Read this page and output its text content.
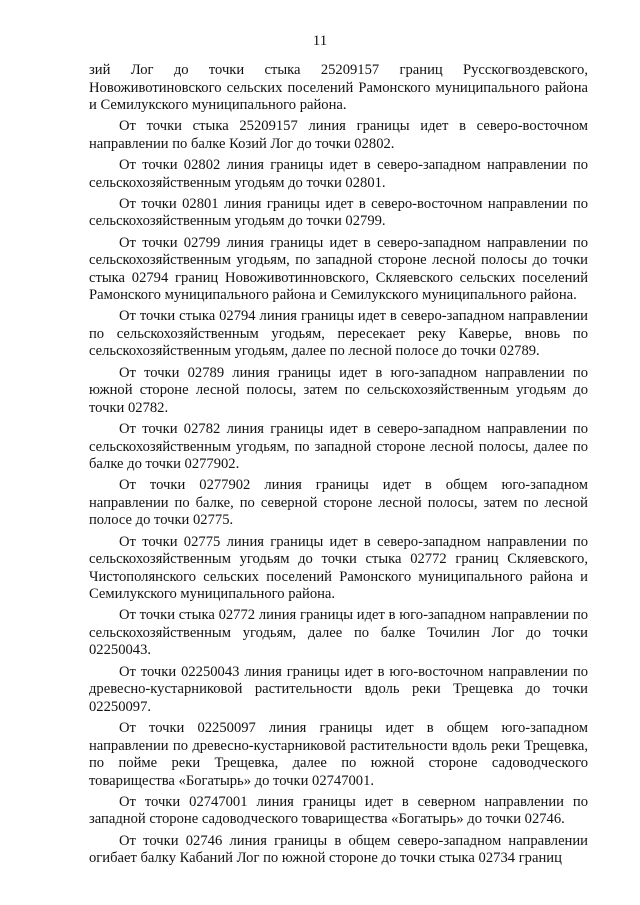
11

зий Лог до точки стыка 25209157 границ Русскогвоздевского, Новоживотиновского сельских поселений Рамонского муниципального района и Семилукского муниципального района.

От точки стыка 25209157 линия границы идет в северо-восточном направлении по балке Козий Лог до точки 02802.

От точки 02802 линия границы идет в северо-западном направлении по сельскохозяйственным угодьям до точки 02801.

От точки 02801 линия границы идет в северо-восточном направлении по сельскохозяйственным угодьям до точки 02799.

От точки 02799 линия границы идет в северо-западном направлении по сельскохозяйственным угодьям, по западной стороне лесной полосы до точки стыка 02794 границ Новоживотинновского, Скляевского сельских поселений Рамонского муниципального района и Семилукского муниципального района.

От точки стыка 02794 линия границы идет в северо-западном направлении по сельскохозяйственным угодьям, пересекает реку Каверье, вновь по сельскохозяйственным угодьям, далее по лесной полосе до точки 02789.

От точки 02789 линия границы идет в юго-западном направлении по южной стороне лесной полосы, затем по сельскохозяйственным угодьям до точки 02782.

От точки 02782 линия границы идет в северо-западном направлении по сельскохозяйственным угодьям, по западной стороне лесной полосы, далее по балке до точки 0277902.

От точки 0277902 линия границы идет в общем юго-западном направлении по балке, по северной стороне лесной полосы, затем по лесной полосе до точки 02775.

От точки 02775 линия границы идет в северо-западном направлении по сельскохозяйственным угодьям до точки стыка 02772 границ Скляевского, Чистополянского сельских поселений Рамонского муниципального района и Семилукского муниципального района.

От точки стыка 02772 линия границы идет в юго-западном направлении по сельскохозяйственным угодьям, далее по балке Точилин Лог до точки 02250043.

От точки 02250043 линия границы идет в юго-восточном направлении по древесно-кустарниковой растительности вдоль реки Трещевка до точки 02250097.

От точки 02250097 линия границы идет в общем юго-западном направлении по древесно-кустарниковой растительности вдоль реки Трещевка, по пойме реки Трещевка, далее по южной стороне садоводческого товарищества «Богатырь» до точки 02747001.

От точки 02747001 линия границы идет в северном направлении по западной стороне садоводческого товарищества «Богатырь» до точки 02746.

От точки 02746 линия границы в общем северо-западном направлении огибает балку Кабаний Лог по южной стороне до точки стыка 02734 границ
